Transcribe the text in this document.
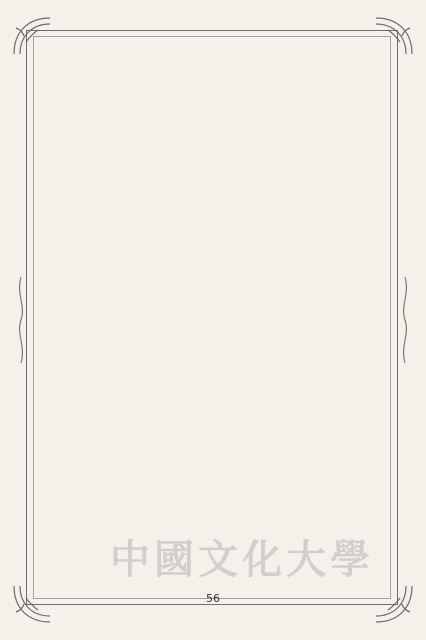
中國文化大學
56
